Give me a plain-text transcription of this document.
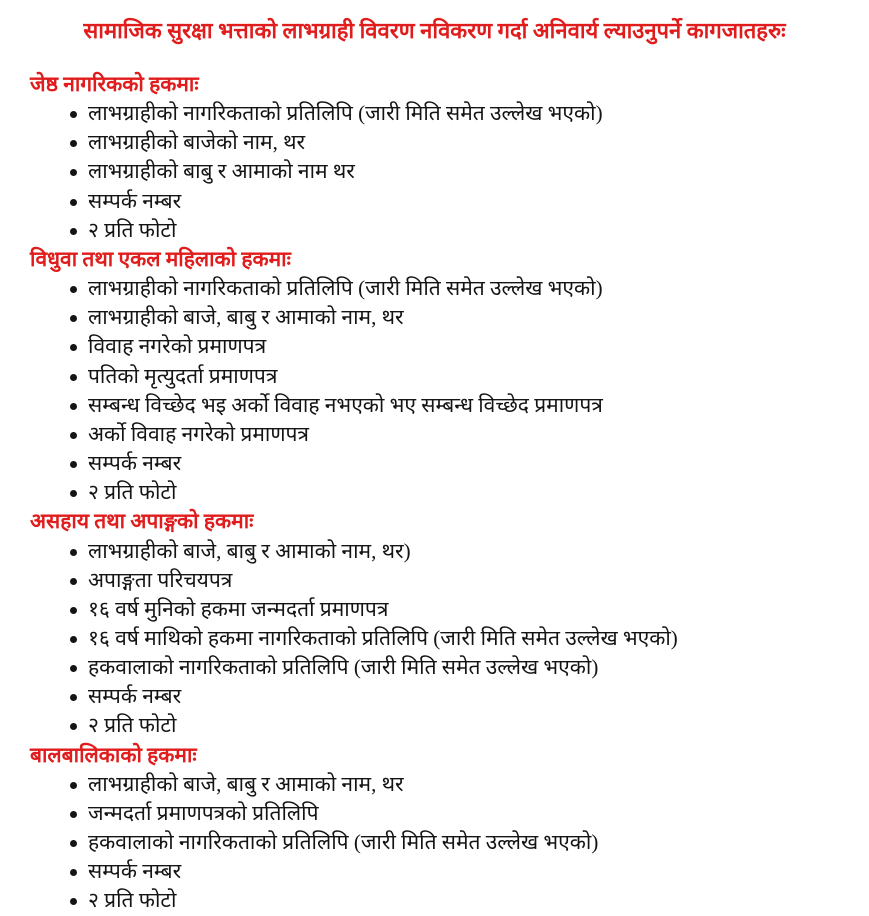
सामाजिक सुरक्षा भत्ताको लाभग्राही विवरण नविकरण गर्दा अनिवार्य ल्याउनुपर्ने कागजातहरुः
जेष्ठ नागरिकको हकमाः
लाभग्राहीको नागरिकताको प्रतिलिपि (जारी मिति समेत उल्लेख भएको)
लाभग्राहीको बाजेको नाम, थर
लाभग्राहीको बाबु र आमाको नाम थर
सम्पर्क नम्बर
२ प्रति फोटो
विधुवा तथा एकल महिलाको हकमाः
लाभग्राहीको नागरिकताको प्रतिलिपि (जारी मिति समेत उल्लेख भएको)
लाभग्राहीको बाजे, बाबु र आमाको नाम, थर
विवाह नगरेको प्रमाणपत्र
पतिको मृत्युदर्ता प्रमाणपत्र
सम्बन्ध विच्छेद भइ अर्को विवाह नभएको भए सम्बन्ध विच्छेद प्रमाणपत्र
अर्को विवाह नगरेको प्रमाणपत्र
सम्पर्क नम्बर
२ प्रति फोटो
असहाय तथा अपाङ्गको हकमाः
लाभग्राहीको बाजे, बाबु र आमाको नाम, थर)
अपाङ्गता परिचयपत्र
१६ वर्ष मुनिको हकमा जन्मदर्ता प्रमाणपत्र
१६ वर्ष माथिको हकमा नागरिकताको प्रतिलिपि (जारी मिति समेत उल्लेख भएको)
हकवालाको नागरिकताको प्रतिलिपि (जारी मिति समेत उल्लेख भएको)
सम्पर्क नम्बर
२ प्रति फोटो
बालबालिकाको हकमाः
लाभग्राहीको बाजे, बाबु र आमाको नाम, थर
जन्मदर्ता प्रमाणपत्रको प्रतिलिपि
हकवालाको नागरिकताको प्रतिलिपि (जारी मिति समेत उल्लेख भएको)
सम्पर्क नम्बर
२ प्रति फोटो
